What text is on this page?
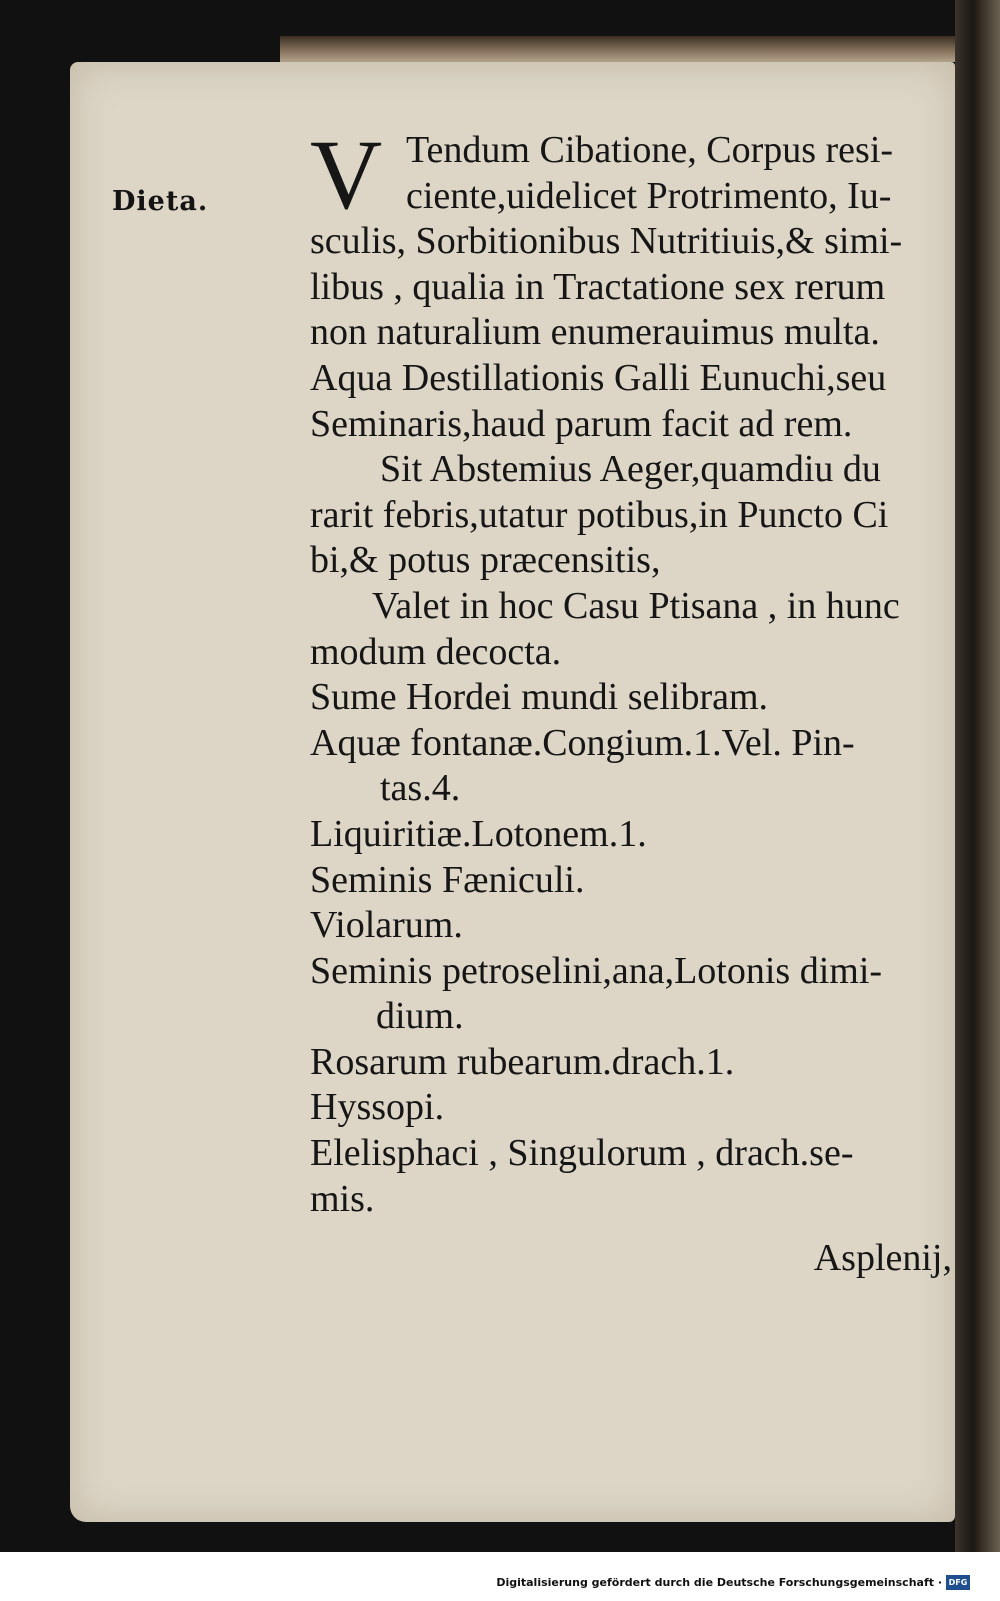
Dieta. V Tendum Cibatione, Corpus resi-
ciente,uidelicet Protrimento, Iu-
sculis, Sorbitionibus Nutritiuis,& simi-
libus , qualia in Tractatione sex rerum
non naturalium enumerauimus multa.
Aqua Destillationis Galli Eunuchi,seu
Seminaris,haud parum facit ad rem.
Sit Abstemius Aeger,quamdiu du
rarit febris,utatur potibus,in Puncto Ci
bi,& potus præcensitis,
Valet in hoc Casu Ptisana , in hunc
modum decocta.
Sume Hordei mundi selibram.
Aquæ fontanæ.Congium.1.Vel. Pin-
tas.4.
Liquiritiæ.Lotonem.1.
Seminis Fæniculi.
Violarum.
Seminis petroselini,ana,Lotonis dimi-
dium.
Rosarum rubearum.drach.1.
Hyssopi.
Elelisphaci , Singulorum , drach.se-
mis.
Asplenij,
Digitalisierung gefördert durch die Deutsche Forschungsgemeinschaft · DFG
